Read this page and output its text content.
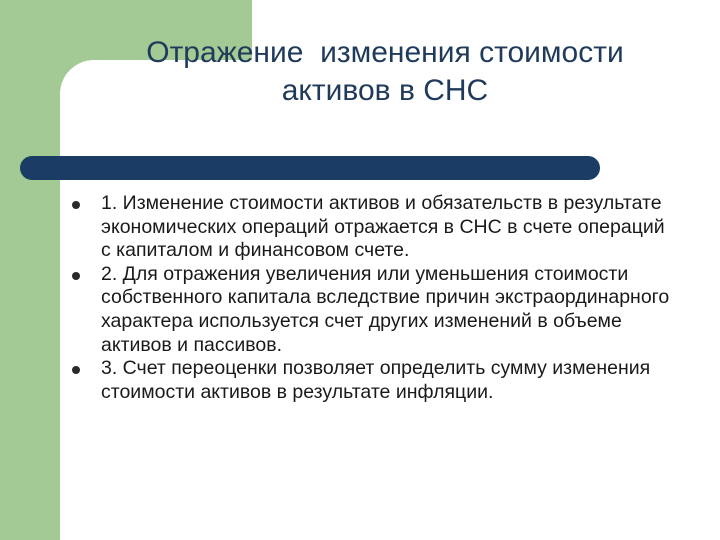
Отражение  изменения стоимости
активов в СНС
1. Изменение стоимости активов и обязательств в результате экономических операций отражается в СНС в счете операций с капиталом и финансовом счете.
2. Для отражения увеличения или уменьшения стоимости собственного капитала вследствие причин экстраординарного характера используется счет других изменений в объеме активов и пассивов.
3. Счет переоценки позволяет определить сумму изменения стоимости активов в результате инфляции.
